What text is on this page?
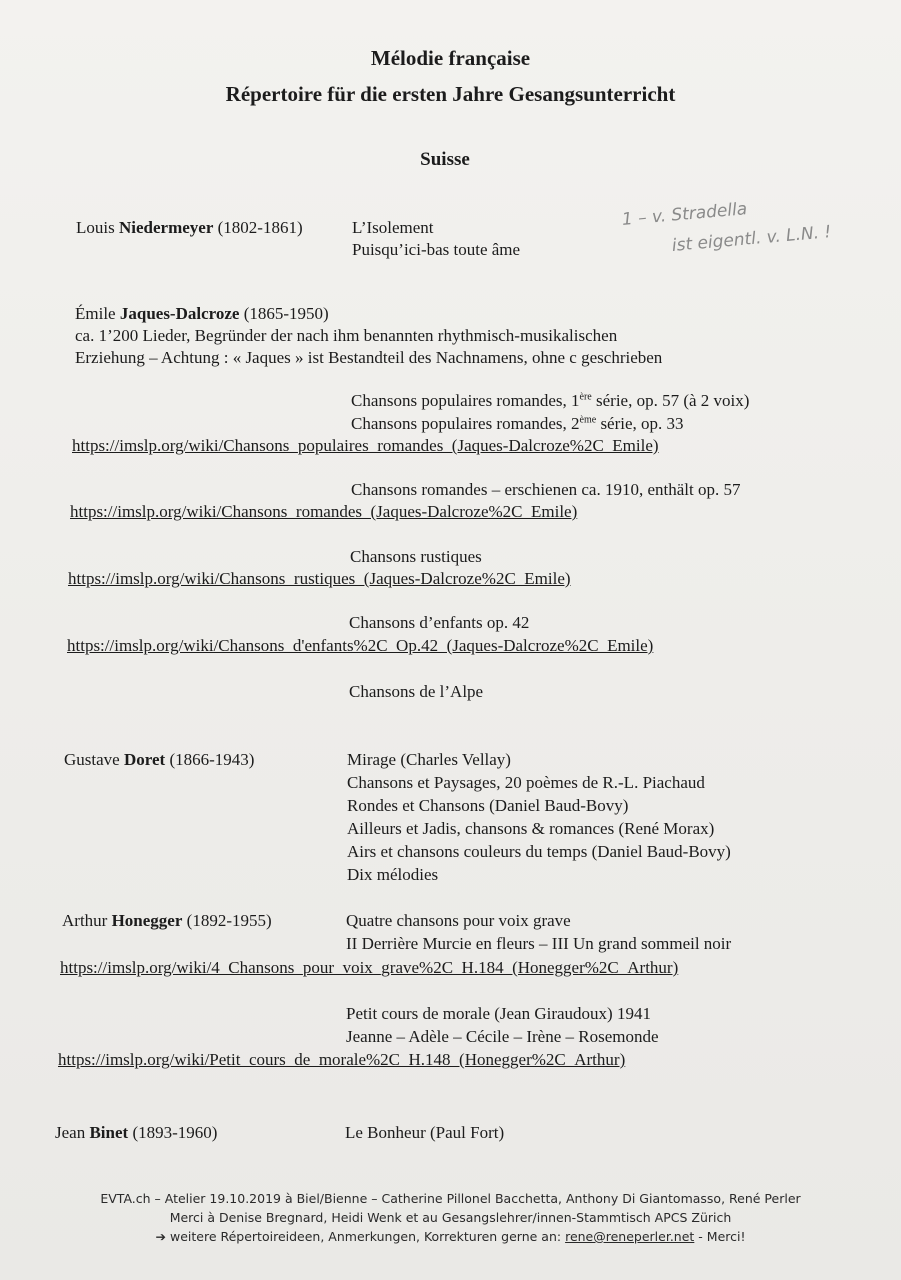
Mélodie française
Répertoire für die ersten Jahre Gesangsunterricht
Suisse
1 – v. Stradella
ist eigentl. v. L.N. !
Louis Niedermeyer (1802-1861)	L’Isolement
Puisqu’ici-bas toute âme
Émile Jaques-Dalcroze (1865-1950)
ca. 1’200 Lieder, Begründer der nach ihm benannten rhythmisch-musikalischen
Erziehung – Achtung : « Jaques » ist Bestandteil des Nachnamens, ohne c geschrieben
Chansons populaires romandes, 1ère série, op. 57 (à 2 voix)
Chansons populaires romandes, 2ème série, op. 33
https://imslp.org/wiki/Chansons_populaires_romandes_(Jaques-Dalcroze%2C_Emile)
Chansons romandes – erschienen ca. 1910, enthält op. 57
https://imslp.org/wiki/Chansons_romandes_(Jaques-Dalcroze%2C_Emile)
Chansons rustiques
https://imslp.org/wiki/Chansons_rustiques_(Jaques-Dalcroze%2C_Emile)
Chansons d’enfants op. 42
https://imslp.org/wiki/Chansons_d'enfants%2C_Op.42_(Jaques-Dalcroze%2C_Emile)
Chansons de l’Alpe
Gustave Doret (1866-1943)	Mirage (Charles Vellay)
Chansons et Paysages, 20 poèmes de R.-L. Piachaud
Rondes et Chansons (Daniel Baud-Bovy)
Ailleurs et Jadis, chansons & romances (René Morax)
Airs et chansons couleurs du temps (Daniel Baud-Bovy)
Dix mélodies
Arthur Honegger (1892-1955)	Quatre chansons pour voix grave
II Derrière Murcie en fleurs – III Un grand sommeil noir
https://imslp.org/wiki/4_Chansons_pour_voix_grave%2C_H.184_(Honegger%2C_Arthur)
Petit cours de morale (Jean Giraudoux) 1941
Jeanne – Adèle – Cécile – Irène – Rosemonde
https://imslp.org/wiki/Petit_cours_de_morale%2C_H.148_(Honegger%2C_Arthur)
Jean Binet (1893-1960)	Le Bonheur (Paul Fort)
EVTA.ch – Atelier 19.10.2019 à Biel/Bienne – Catherine Pillonel Bacchetta, Anthony Di Giantomasso, René Perler
Merci à Denise Bregnard, Heidi Wenk et au Gesangslehrer/innen-Stammtisch APCS Zürich
➔ weitere Répertoireideen, Anmerkungen, Korrekturen gerne an: rene@reneperler.net - Merci!
